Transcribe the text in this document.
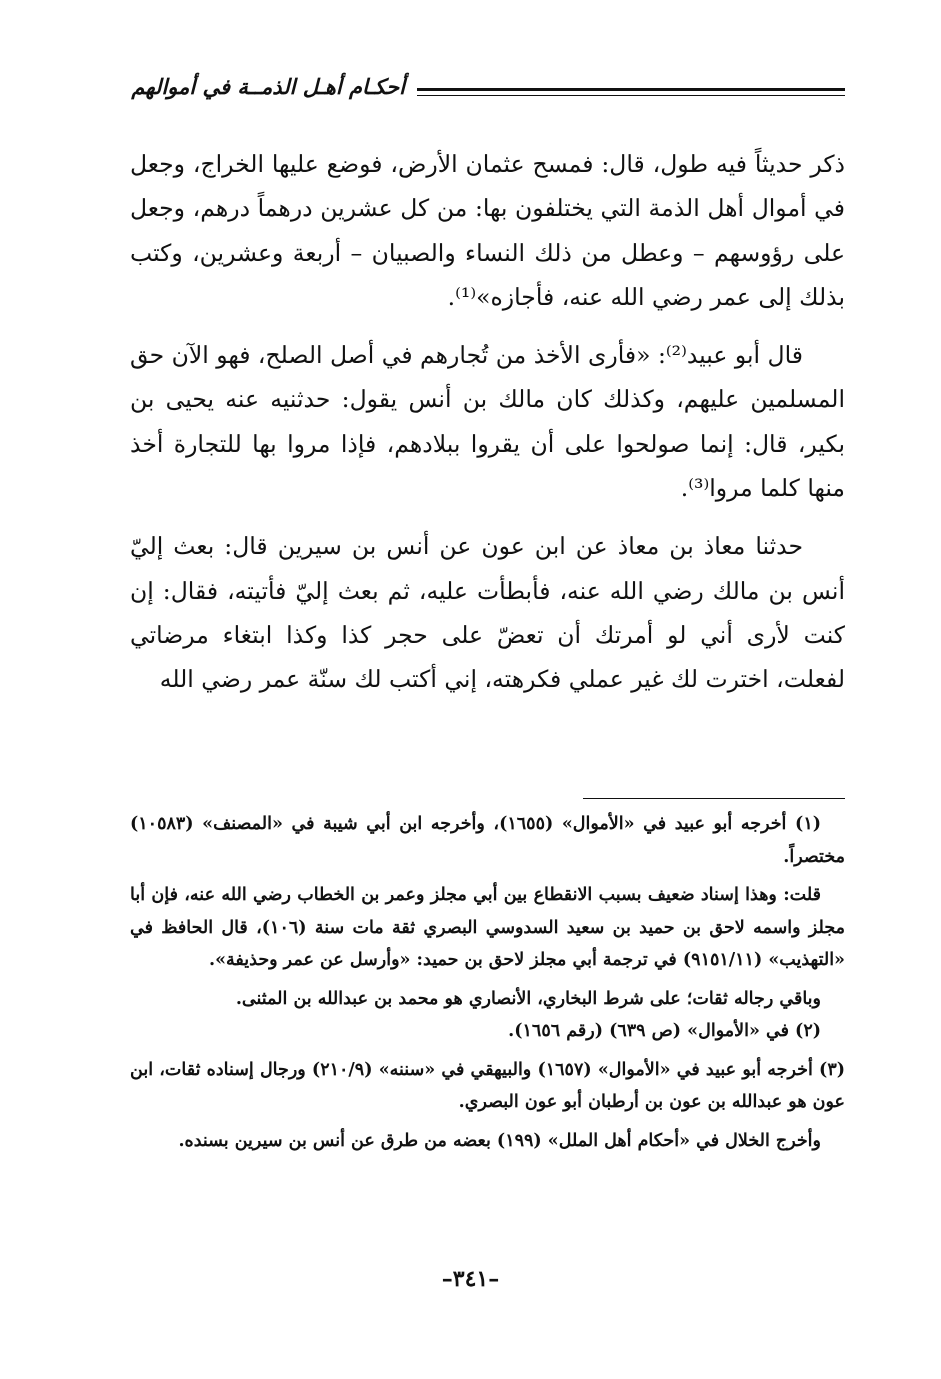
أحكـام أهـل الذمــة في أموالهم

ذكر حديثاً فيه طول، قال: فمسح عثمان الأرض، فوضع عليها الخراج، وجعل في أموال أهل الذمة التي يختلفون بها: من كل عشرين درهماً درهم، وجعل على رؤوسهم – وعطل من ذلك النساء والصبيان – أربعة وعشرين، وكتب بذلك إلى عمر رضي الله عنه، فأجازه»⁽¹⁾.

قال أبو عبيد⁽²⁾: «فأرى الأخذ من تُجارهم في أصل الصلح، فهو الآن حق المسلمين عليهم، وكذلك كان مالك بن أنس يقول: حدثنيه عنه يحيى بن بكير، قال: إنما صولحوا على أن يقروا ببلادهم، فإذا مروا بها للتجارة أخذ منها كلما مروا⁽³⁾.

حدثنا معاذ بن معاذ عن ابن عون عن أنس بن سيرين قال: بعث إليّ أنس بن مالك رضي الله عنه، فأبطأت عليه، ثم بعث إليّ فأتيته، فقال: إن كنت لأرى أني لو أمرتك أن تعضّ على حجر كذا وكذا ابتغاء مرضاتي لفعلت، اخترت لك غير عملي فكرهته، إني أكتب لك سنّة عمر رضي الله

(١) أخرجه أبو عبيد في «الأموال» (١٦٥٥)، وأخرجه ابن أبي شيبة في «المصنف» (١٠٥٨٣) مختصراً.

قلت: وهذا إسناد ضعيف بسبب الانقطاع بين أبي مجلز وعمر بن الخطاب رضي الله عنه، فإن أبا مجلز واسمه لاحق بن حميد بن سعيد السدوسي البصري ثقة مات سنة (١٠٦)، قال الحافظ في «التهذيب» (٩١٥١/١١) في ترجمة أبي مجلز لاحق بن حميد: «وأرسل عن عمر وحذيفة».

وباقي رجاله ثقات؛ على شرط البخاري، الأنصاري هو محمد بن عبدالله بن المثنى.

(٢) في «الأموال» (ص ٦٣٩) (رقم ١٦٥٦).

(٣) أخرجه أبو عبيد في «الأموال» (١٦٥٧) والبيهقي في «سننه» (٢١٠/٩) ورجال إسناده ثقات، ابن عون هو عبدالله بن عون بن أرطبان أبو عون البصري.

وأخرج الخلال في «أحكام أهل الملل» (١٩٩) بعضه من طرق عن أنس بن سيرين بسنده.

–٣٤١–
